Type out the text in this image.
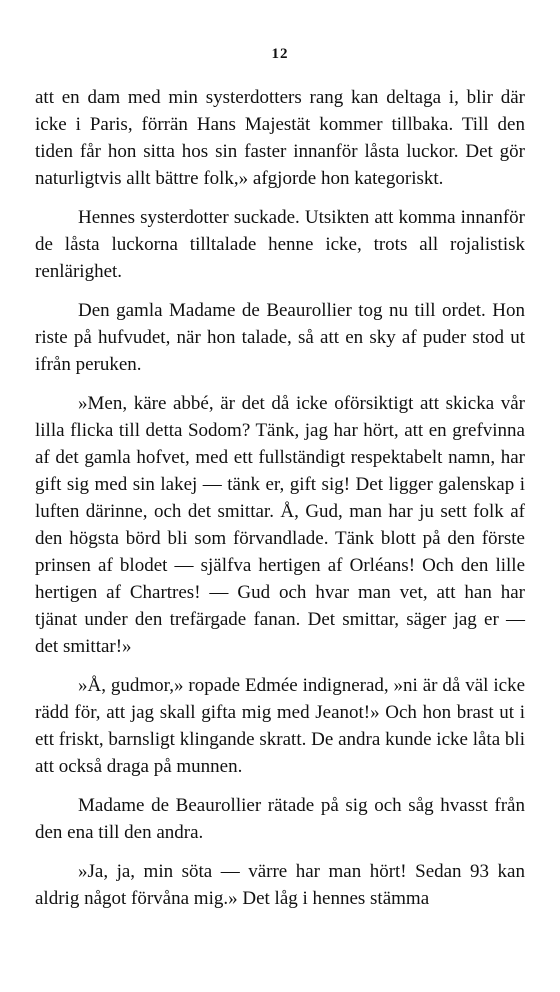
12

att en dam med min systerdotters rang kan deltaga i, blir där icke i Paris, förrän Hans Majestät kommer tillbaka. Till den tiden får hon sitta hos sin faster innanför låsta luckor. Det gör naturligtvis allt bättre folk,» afgjorde hon kategoriskt.

Hennes systerdotter suckade. Utsikten att komma innanför de låsta luckorna tilltalade henne icke, trots all rojalistisk renlärighet.

Den gamla Madame de Beaurollier tog nu till ordet. Hon riste på hufvudet, när hon talade, så att en sky af puder stod ut ifrån peruken.

»Men, käre abbé, är det då icke oförsiktigt att skicka vår lilla flicka till detta Sodom? Tänk, jag har hört, att en grefvinna af det gamla hofvet, med ett fullständigt respektabelt namn, har gift sig med sin lakej — tänk er, gift sig! Det ligger galenskap i luften därinne, och det smittar. Å, Gud, man har ju sett folk af den högsta börd bli som förvandlade. Tänk blott på den förste prinsen af blodet — själfva hertigen af Orléans! Och den lille hertigen af Chartres! — Gud och hvar man vet, att han har tjänat under den trefärgade fanan. Det smittar, säger jag er — det smittar!»

»Å, gudmor,» ropade Edmée indignerad, »ni är då väl icke rädd för, att jag skall gifta mig med Jeanot!» Och hon brast ut i ett friskt, barnsligt klingande skratt. De andra kunde icke låta bli att också draga på munnen.

Madame de Beaurollier rätade på sig och såg hvasst från den ena till den andra.

»Ja, ja, min söta — värre har man hört! Sedan 93 kan aldrig något förvåna mig.» Det låg i hennes stämma
